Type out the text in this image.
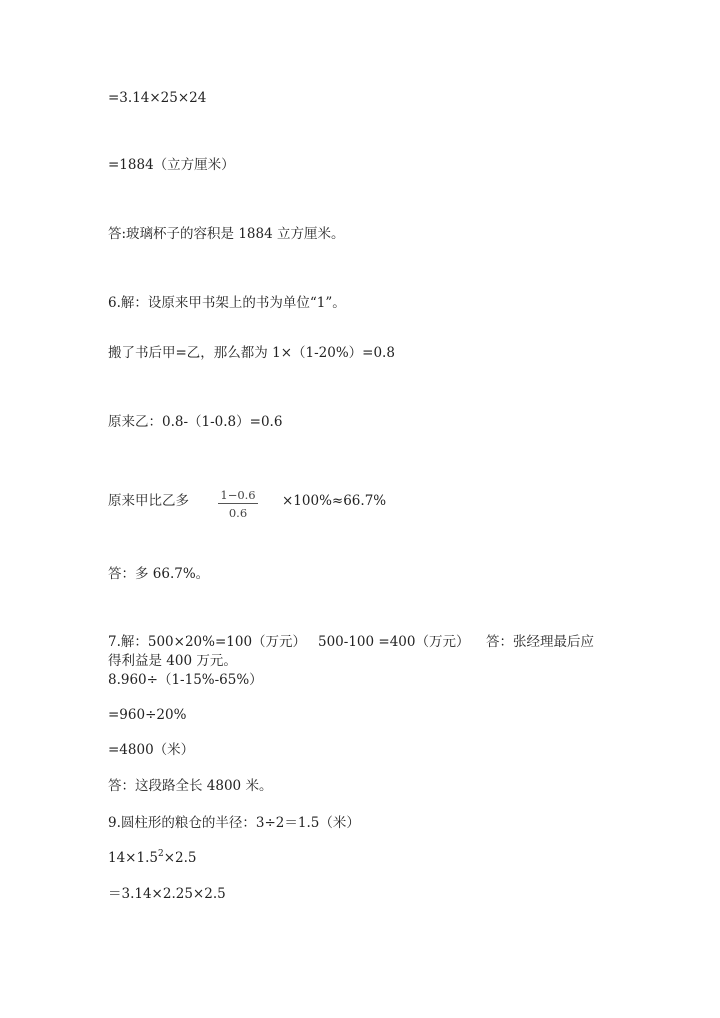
=3.14×25×24
=1884（立方厘米）
答:玻璃杯子的容积是 1884 立方厘米。
6.解：设原来甲书架上的书为单位“1”。
搬了书后甲=乙，那么都为 1×（1-20%）=0.8
原来乙：0.8-（1-0.8）=0.6
原来甲比乙多	1−0.6
0.6
×100%≈66.7%
答：多 66.7%。
7.解：500×20%=100（万元） 500-100 =400（万元） 答：张经理最后应
得利益是 400 万元。
8.960÷（1-15%-65%）
=960÷20%
=4800（米）
答：这段路全长 4800 米。
9.圆柱形的粮仓的半径：3÷2＝1.5（米）
$14\times 1.5^2\times 2.5$
＝3.14×2.25×2.5
